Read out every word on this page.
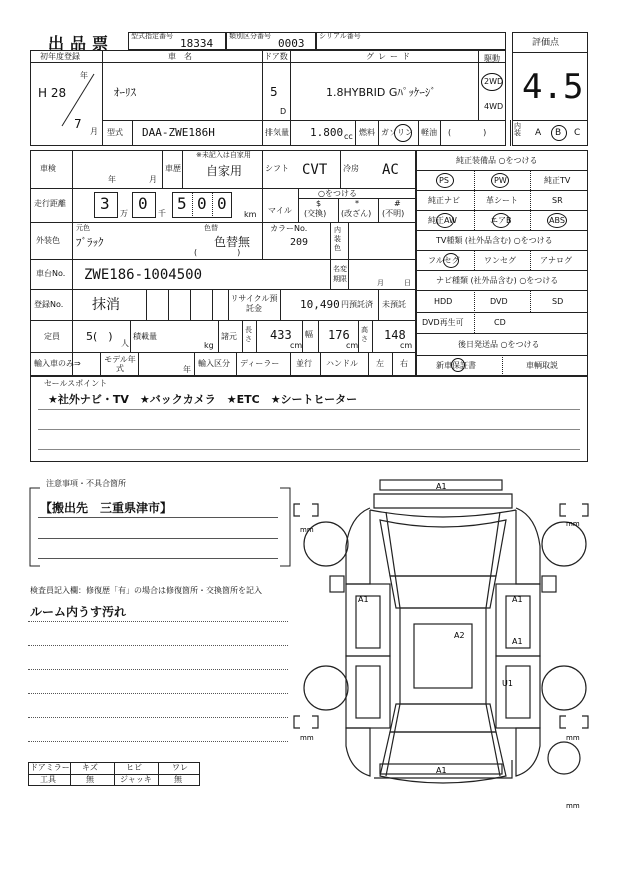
出品票 型式指定番号
18334
類別区分番号
0003
シリアル番号
評価点
4.5
初年度登録
H 28
年
7
月
車　名
ｵｰﾘｽ
ドア数
5
D
グレード
1.8HYBRID Gﾊﾟｯｹｰｼﾞ
駆動
2WD
4WD
型式 DAA-ZWE186H	排気量 1.800 cc 燃料 ガソリン 軽油 (　　　　)
内装	A B C
車検
年	月
車歴
※未記入は自家用
自家用	シフト CVT 冷房 AC
走行距離 3
万
0
千
5 0 0
km
○をつける
マイル
$
(交換)
*
(改ざん)
#
(不明)
外装色
元色
ﾌﾞﾗｯｸ
色替
色替無
(　　　　　)
カラーNo.
209
内装色
車台No. ZWE186-1004500	名変期限	月	日
登録No. 抹消	リサイクル預託金	10,490 円預託済 未預託
定員 5(　)
人
積載量
kg
諸元
長さ 433
cm
幅 176
cm
高さ 148
cm
輸入車のみ⇒	モデル年式	年
輸入区分 ディーラー 並行 ハンドル 左 右
純正装備品 ○をつける
PS	PW	純正TV
純正ナビ	革シート	SR
純正AW	エアB	ABS
TV種類 (社外品含む) ○をつける
フルセグ	ワンセグ	アナログ
ナビ種類 (社外品含む) ○をつける
HDD	DVD	SD
DVD再生可	CD
後日発送品 ○をつける
新車保証書	車輌取説
セールスポイント
★社外ナビ・TV　★バックカメラ　★ETC　★シートヒーター
注意事項・不具合箇所
【搬出先　三重県津市】
検査員記入欄：修復歴「有」の場合は修復箇所・交換箇所を記入
ルーム内うす汚れ
ドアミラー キズ	ヒビ	ワレ
工具	無	ジャッキ	無
A1
A1
A1	A1
A2
A1
U1
mm
mm
mm	mm
mm
